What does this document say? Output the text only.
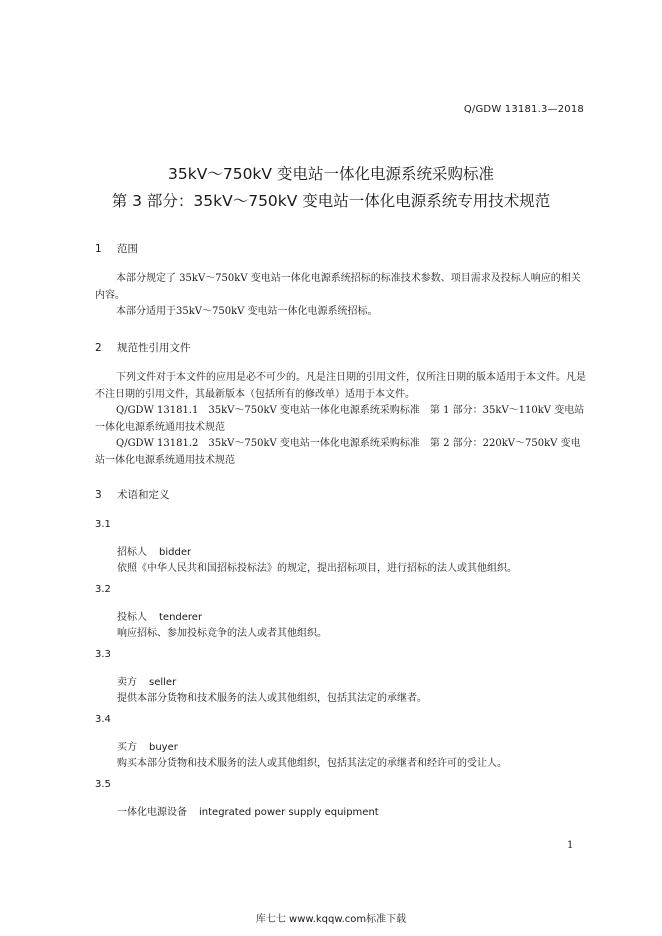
Q/GDW 13181.3—2018
35kV～750kV 变电站一体化电源系统采购标准
第 3 部分：35kV～750kV 变电站一体化电源系统专用技术规范
1 范围
本部分规定了 35kV～750kV 变电站一体化电源系统招标的标准技术参数、项目需求及投标人响应的相关内容。
本部分适用于35kV～750kV 变电站一体化电源系统招标。
2 规范性引用文件
下列文件对于本文件的应用是必不可少的。凡是注日期的引用文件，仅所注日期的版本适用于本文件。凡是不注日期的引用文件，其最新版本（包括所有的修改单）适用于本文件。
Q/GDW 13181.1　35kV～750kV 变电站一体化电源系统采购标准　第 1 部分：35kV～110kV 变电站一体化电源系统通用技术规范
Q/GDW 13181.2　35kV～750kV 变电站一体化电源系统采购标准　第 2 部分：220kV～750kV 变电站一体化电源系统通用技术规范
3 术语和定义
3.1
招标人 bidder
依照《中华人民共和国招标投标法》的规定，提出招标项目，进行招标的法人或其他组织。
3.2
投标人 tenderer
响应招标、参加投标竞争的法人或者其他组织。
3.3
卖方 seller
提供本部分货物和技术服务的法人或其他组织，包括其法定的承继者。
3.4
买方 buyer
购买本部分货物和技术服务的法人或其他组织，包括其法定的承继者和经许可的受让人。
3.5
一体化电源设备 integrated power supply equipment
1
库七七 www.kqqw.com标准下载
